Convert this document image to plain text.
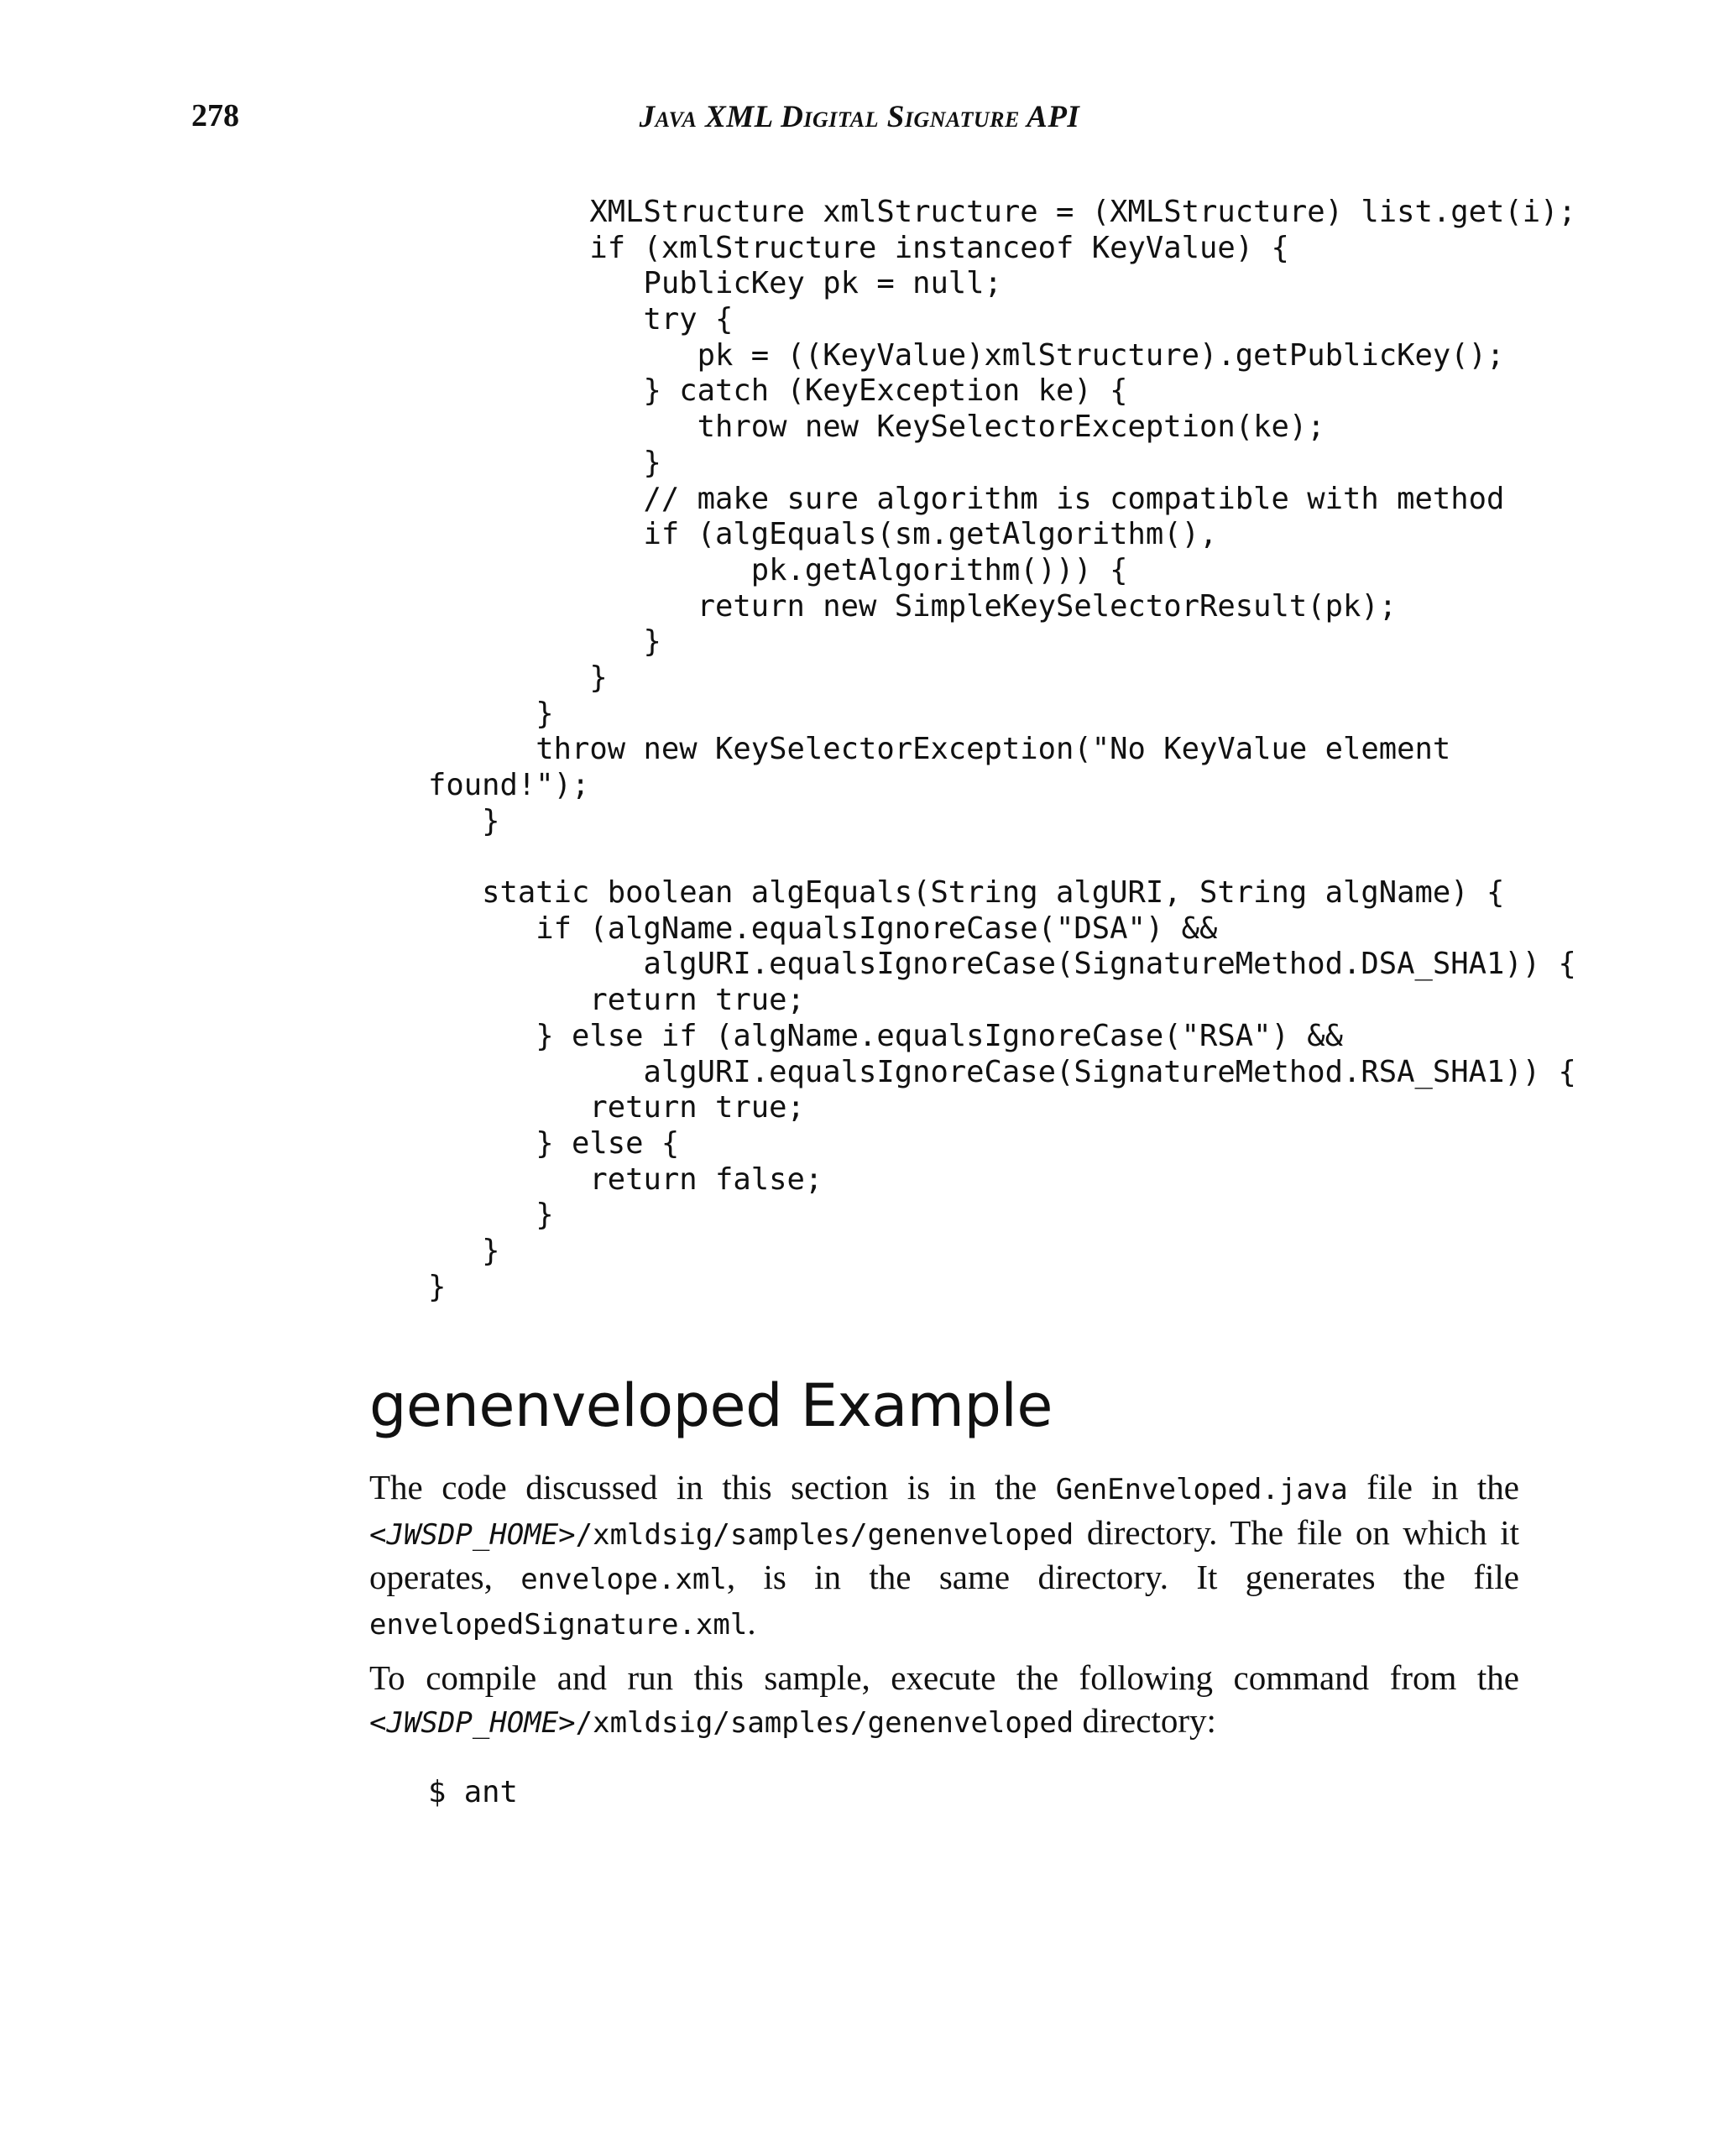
278	Java XML Digital Signature API
XMLStructure xmlStructure = (XMLStructure) list.get(i);
if (xmlStructure instanceof KeyValue) {
PublicKey pk = null;
try {
pk = ((KeyValue)xmlStructure).getPublicKey();
} catch (KeyException ke) {
throw new KeySelectorException(ke);
}
// make sure algorithm is compatible with method
if (algEquals(sm.getAlgorithm(),
pk.getAlgorithm())) {
return new SimpleKeySelectorResult(pk);
}
}
}
throw new KeySelectorException("No KeyValue element
found!");
}
static boolean algEquals(String algURI, String algName) {
if (algName.equalsIgnoreCase("DSA") &&
algURI.equalsIgnoreCase(SignatureMethod.DSA_SHA1)) {
return true;
} else if (algName.equalsIgnoreCase("RSA") &&
algURI.equalsIgnoreCase(SignatureMethod.RSA_SHA1)) {
return true;
} else {
return false;
}
}
}
genenveloped Example

The code discussed in this section is in the GenEnveloped.java file in the <JWSDP_HOME>/xmldsig/samples/genenveloped directory. The file on which it operates, envelope.xml, is in the same directory. It generates the file envelopedSignature.xml.

To compile and run this sample, execute the following command from the <JWSDP_HOME>/xmldsig/samples/genenveloped directory:

$ ant
